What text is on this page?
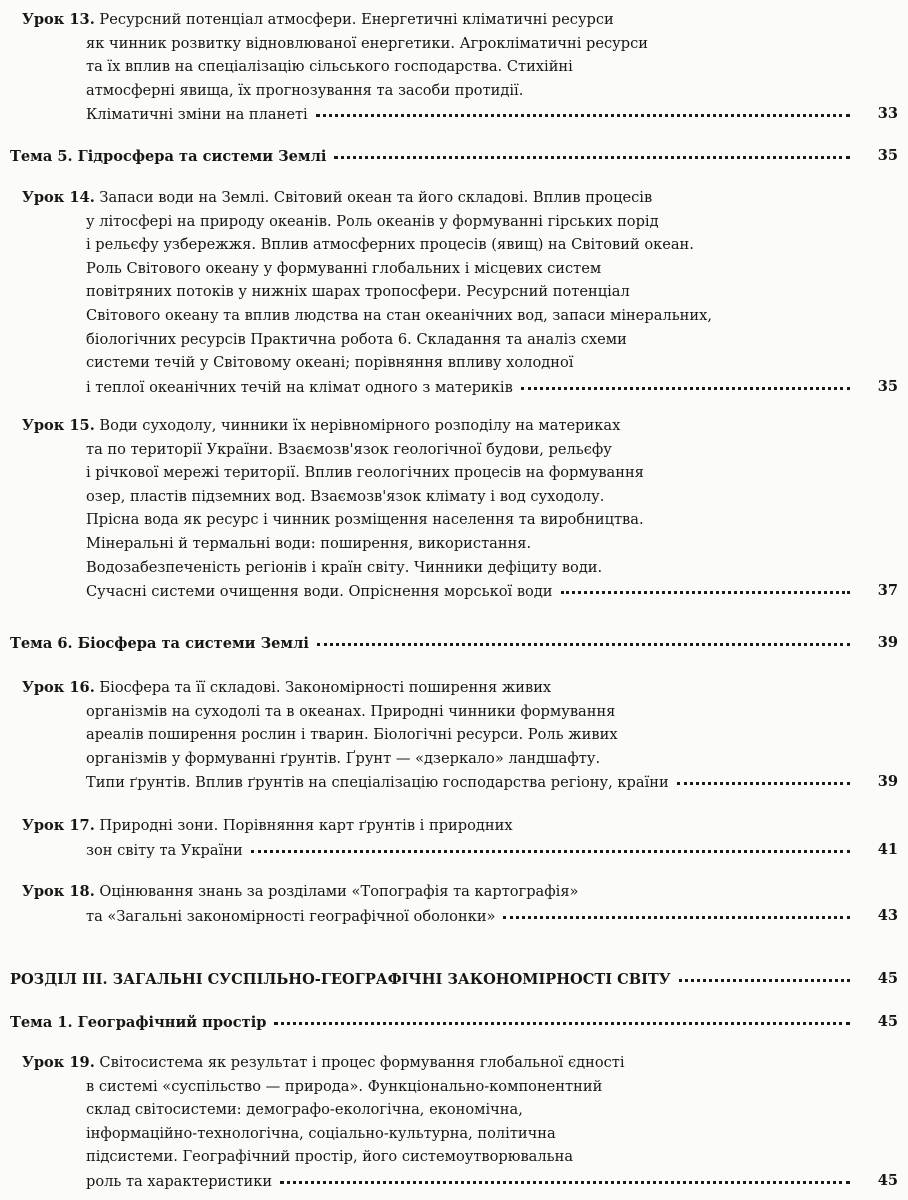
Урок 13. Ресурсний потенціал атмосфери. Енергетичні кліматичні ресурси
як чинник розвитку відновлюваної енергетики. Агрокліматичні ресурси
та їх вплив на спеціалізацію сільського господарства. Стихійні
атмосферні явища, їх прогнозування та засоби протидії.
Кліматичні зміни на планеті	33
Тема 5. Гідросфера та системи Землі	35
Урок 14. Запаси води на Землі. Світовий океан та його складові. Вплив процесів
у літосфері на природу океанів. Роль океанів у формуванні гірських порід
і рельєфу узбережжя. Вплив атмосферних процесів (явищ) на Світовий океан.
Роль Світового океану у формуванні глобальних і місцевих систем
повітряних потоків у нижніх шарах тропосфери. Ресурсний потенціал
Світового океану та вплив людства на стан океанічних вод, запаси мінеральних,
біологічних ресурсів Практична робота 6. Складання та аналіз схеми
системи течій у Світовому океані; порівняння впливу холодної
і теплої океанічних течій на клімат одного з материків	35
Урок 15. Води суходолу, чинники їх нерівномірного розподілу на материках
та по території України. Взаємозв'язок геологічної будови, рельєфу
і річкової мережі території. Вплив геологічних процесів на формування
озер, пластів підземних вод. Взаємозв'язок клімату і вод суходолу.
Прісна вода як ресурс і чинник розміщення населення та виробництва.
Мінеральні й термальні води: поширення, використання.
Водозабезпеченість регіонів і країн світу. Чинники дефіциту води.
Сучасні системи очищення води. Опріснення морської води	37
Тема 6. Біосфера та системи Землі	39
Урок 16. Біосфера та її складові. Закономірності поширення живих
організмів на суходолі та в океанах. Природні чинники формування
ареалів поширення рослин і тварин. Біологічні ресурси. Роль живих
організмів у формуванні ґрунтів. Ґрунт — «дзеркало» ландшафту.
Типи ґрунтів. Вплив ґрунтів на спеціалізацію господарства регіону, країни	39
Урок 17. Природні зони. Порівняння карт ґрунтів і природних
зон світу та України	41
Урок 18. Оцінювання знань за розділами «Топографія та картографія»
та «Загальні закономірності географічної оболонки»	43
РОЗДІЛ ІІІ. ЗАГАЛЬНІ СУСПІЛЬНО-ГЕОГРАФІЧНІ ЗАКОНОМІРНОСТІ СВІТУ	45
Тема 1. Географічний простір	45
Урок 19. Світосистема як результат і процес формування глобальної єдності
в системі «суспільство — природа». Функціонально-компонентний
склад світосистеми: демографо-екологічна, економічна,
інформаційно-технологічна, соціально-культурна, політична
підсистеми. Географічний простір, його системоутворювальна
роль та характеристики	45
